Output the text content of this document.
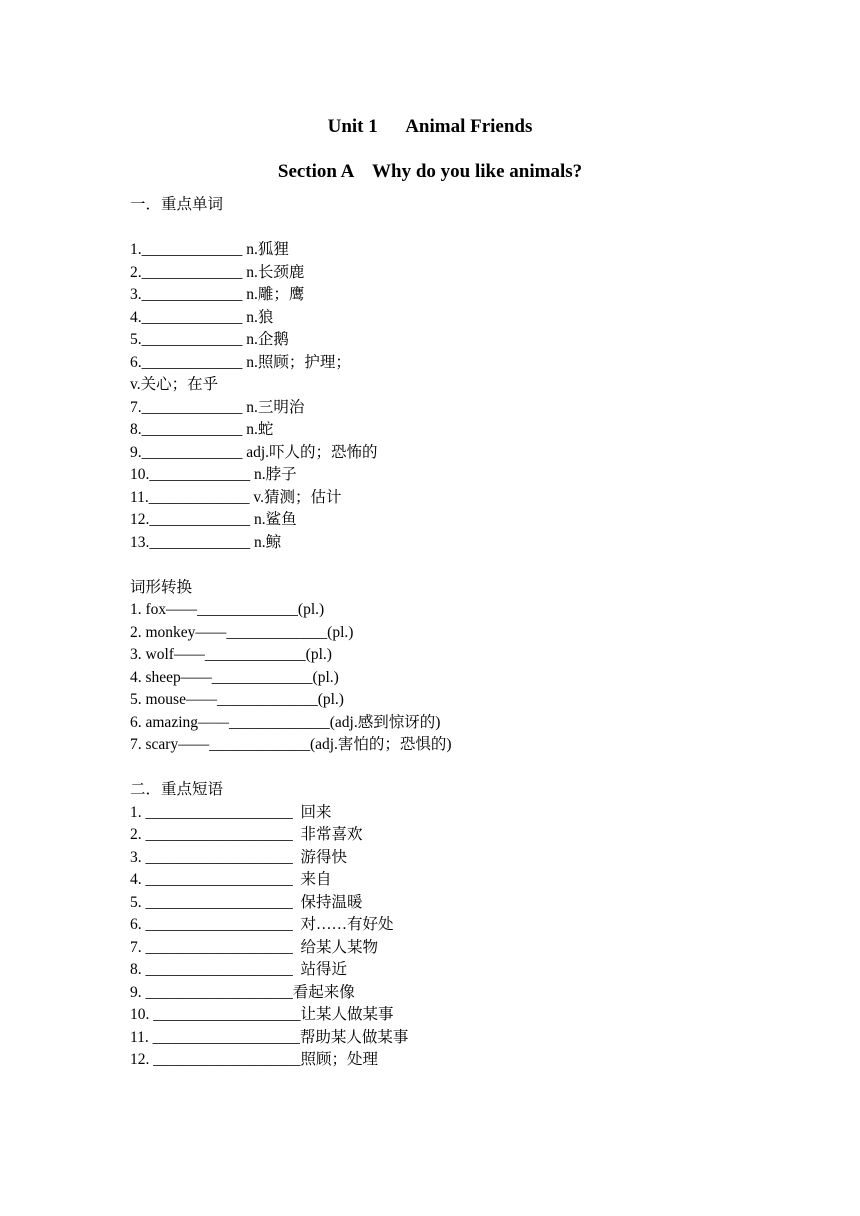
Unit 1      Animal Friends
Section A    Why do you like animals?
一．重点单词
1._____________ n.狐狸
2._____________ n.长颈鹿
3._____________ n.雕；鹰
4._____________ n.狼
5._____________ n.企鹅
6._____________ n.照顾；护理；
v.关心；在乎
7._____________ n.三明治
8._____________ n.蛇
9._____________ adj.吓人的；恐怖的
10._____________ n.脖子
11._____________ v.猜测；估计
12._____________ n.鲨鱼
13._____________ n.鲸
词形转换
1. fox——_____________(pl.)
2. monkey——_____________(pl.)
3. wolf——_____________(pl.)
4. sheep——_____________(pl.)
5. mouse——_____________(pl.)
6. amazing——_____________(adj.感到惊讶的)
7. scary——_____________(adj.害怕的；恐惧的)
二．重点短语
1. ___________________  回来
2. ___________________  非常喜欢
3. ___________________  游得快
4. ___________________  来自
5. ___________________  保持温暖
6. ___________________  对……有好处
7. ___________________  给某人某物
8. ___________________  站得近
9. ___________________看起来像
10. ___________________让某人做某事
11. ___________________帮助某人做某事
12. ___________________照顾；处理
